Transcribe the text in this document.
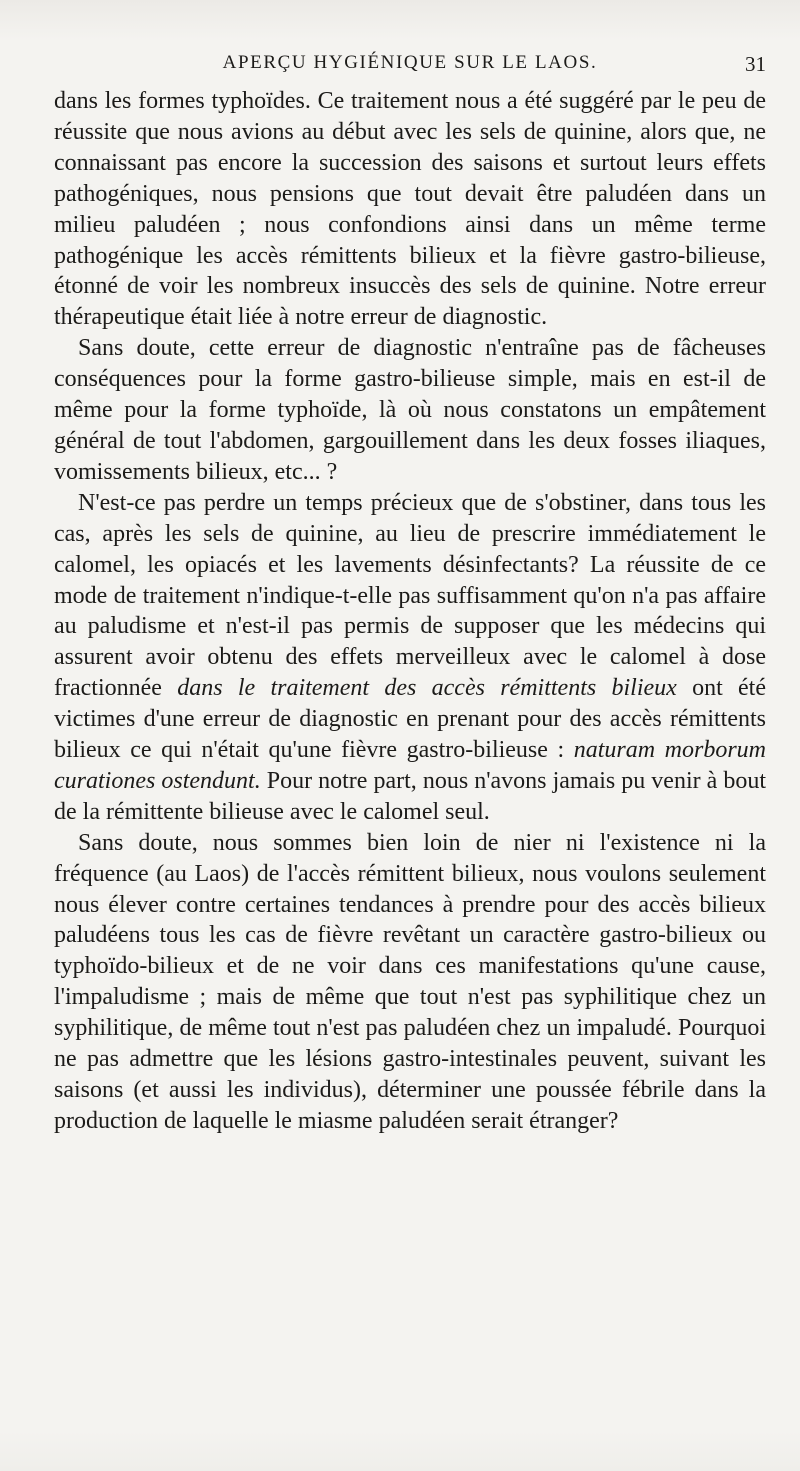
APERÇU HYGIÉNIQUE SUR LE LAOS.	31

dans les formes typhoïdes. Ce traitement nous a été suggéré par le peu de réussite que nous avions au début avec les sels de quinine, alors que, ne connaissant pas encore la succession des saisons et surtout leurs effets pathogéniques, nous pensions que tout devait être paludéen dans un milieu paludéen ; nous confondions ainsi dans un même terme pathogénique les accès rémittents bilieux et la fièvre gastro-bilieuse, étonné de voir les nombreux insuccès des sels de quinine. Notre erreur thérapeutique était liée à notre erreur de diagnostic.

Sans doute, cette erreur de diagnostic n'entraîne pas de fâcheuses conséquences pour la forme gastro-bilieuse simple, mais en est-il de même pour la forme typhoïde, là où nous constatons un empâtement général de tout l'abdomen, gargouillement dans les deux fosses iliaques, vomissements bilieux, etc... ?

N'est-ce pas perdre un temps précieux que de s'obstiner, dans tous les cas, après les sels de quinine, au lieu de prescrire immédiatement le calomel, les opiacés et les lavements désinfectants? La réussite de ce mode de traitement n'indique-t-elle pas suffisamment qu'on n'a pas affaire au paludisme et n'est-il pas permis de supposer que les médecins qui assurent avoir obtenu des effets merveilleux avec le calomel à dose fractionnée dans le traitement des accès rémittents bilieux ont été victimes d'une erreur de diagnostic en prenant pour des accès rémittents bilieux ce qui n'était qu'une fièvre gastro-bilieuse : naturam morborum curationes ostendunt. Pour notre part, nous n'avons jamais pu venir à bout de la rémittente bilieuse avec le calomel seul.

Sans doute, nous sommes bien loin de nier ni l'existence ni la fréquence (au Laos) de l'accès rémittent bilieux, nous voulons seulement nous élever contre certaines tendances à prendre pour des accès bilieux paludéens tous les cas de fièvre revêtant un caractère gastro-bilieux ou typhoïdo-bilieux et de ne voir dans ces manifestations qu'une cause, l'impaludisme ; mais de même que tout n'est pas syphilitique chez un syphilitique, de même tout n'est pas paludéen chez un impaludé. Pourquoi ne pas admettre que les lésions gastro-intestinales peuvent, suivant les saisons (et aussi les individus), déterminer une poussée fébrile dans la production de laquelle le miasme paludéen serait étranger?
